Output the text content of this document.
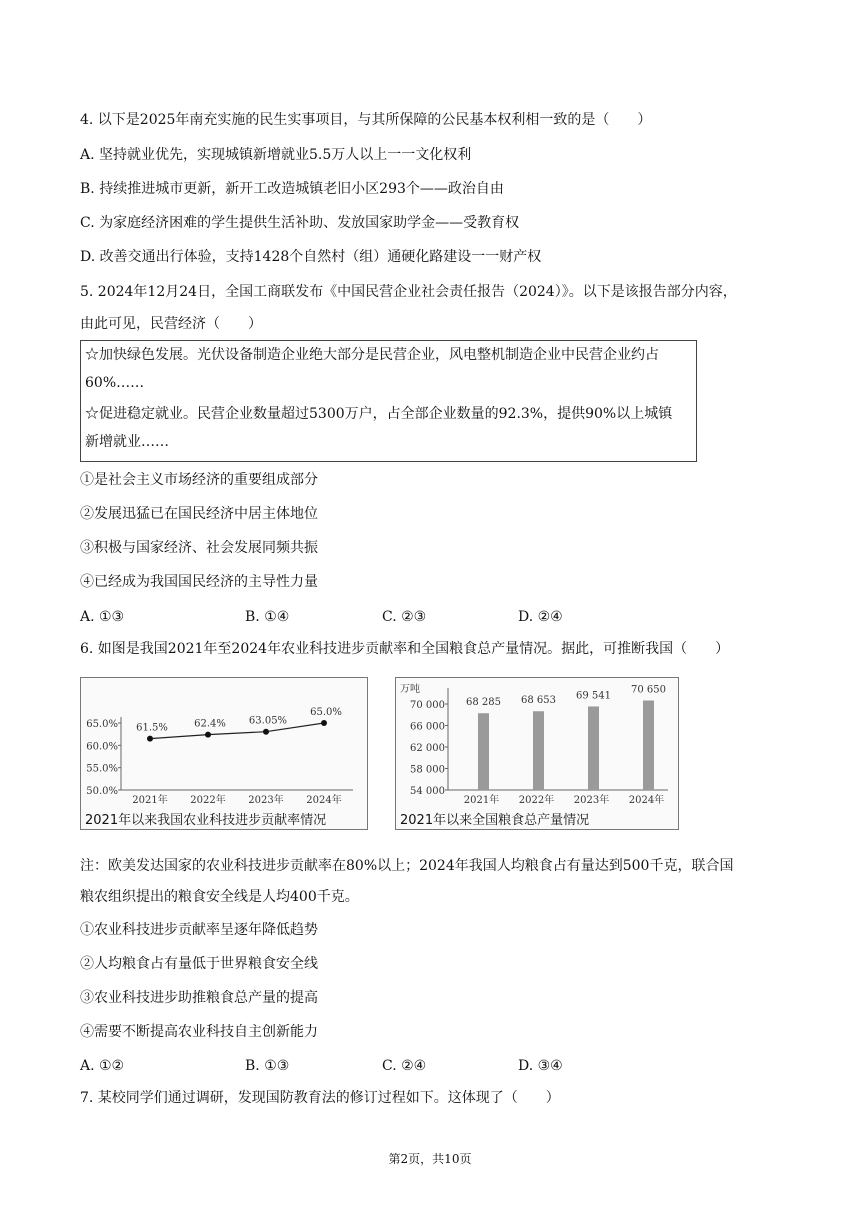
4. 以下是2025年南充实施的民生实事项目，与其所保障的公民基本权利相一致的是（　　）
A. 坚持就业优先，实现城镇新增就业5.5万人以上一一文化权利
B. 持续推进城市更新，新开工改造城镇老旧小区293个——政治自由
C. 为家庭经济困难的学生提供生活补助、发放国家助学金——受教育权
D. 改善交通出行体验，支持1428个自然村（组）通硬化路建设一一财产权
5. 2024年12月24日，全国工商联发布《中国民营企业社会责任报告（2024）》。以下是该报告部分内容，
由此可见，民营经济（　　）
☆加快绿色发展。光伏设备制造企业绝大部分是民营企业，风电整机制造企业中民营企业约占
60%……
☆促进稳定就业。民营企业数量超过5300万户，占全部企业数量的92.3%，提供90%以上城镇
新增就业……
①是社会主义市场经济的重要组成部分
②发展迅猛已在国民经济中居主体地位
③积极与国家经济、社会发展同频共振
④已经成为我国国民经济的主导性力量
A. ①③	B. ①④	C. ②③	D. ②④
6. 如图是我国2021年至2024年农业科技进步贡献率和全国粮食总产量情况。据此，可推断我国（　　）
65.0%
60.0%
55.0%
50.0%
61.5%
2021年
62.4%
2022年
63.05%
2023年
65.0%
2024年
2021年以来我国农业科技进步贡献率情况
万吨
70 000
66 000
62 000
58 000
54 000
68 285
2021年
68 653
2022年
69 541
2023年
70 650
2024年
2021年以来全国粮食总产量情况
注：欧美发达国家的农业科技进步贡献率在80%以上；2024年我国人均粮食占有量达到500千克，联合国
粮农组织提出的粮食安全线是人均400千克。
①农业科技进步贡献率呈逐年降低趋势
②人均粮食占有量低于世界粮食安全线
③农业科技进步助推粮食总产量的提高
④需要不断提高农业科技自主创新能力
A. ①②	B. ①③	C. ②④	D. ③④
7. 某校同学们通过调研，发现国防教育法的修订过程如下。这体现了（　　）
第2页，共10页
